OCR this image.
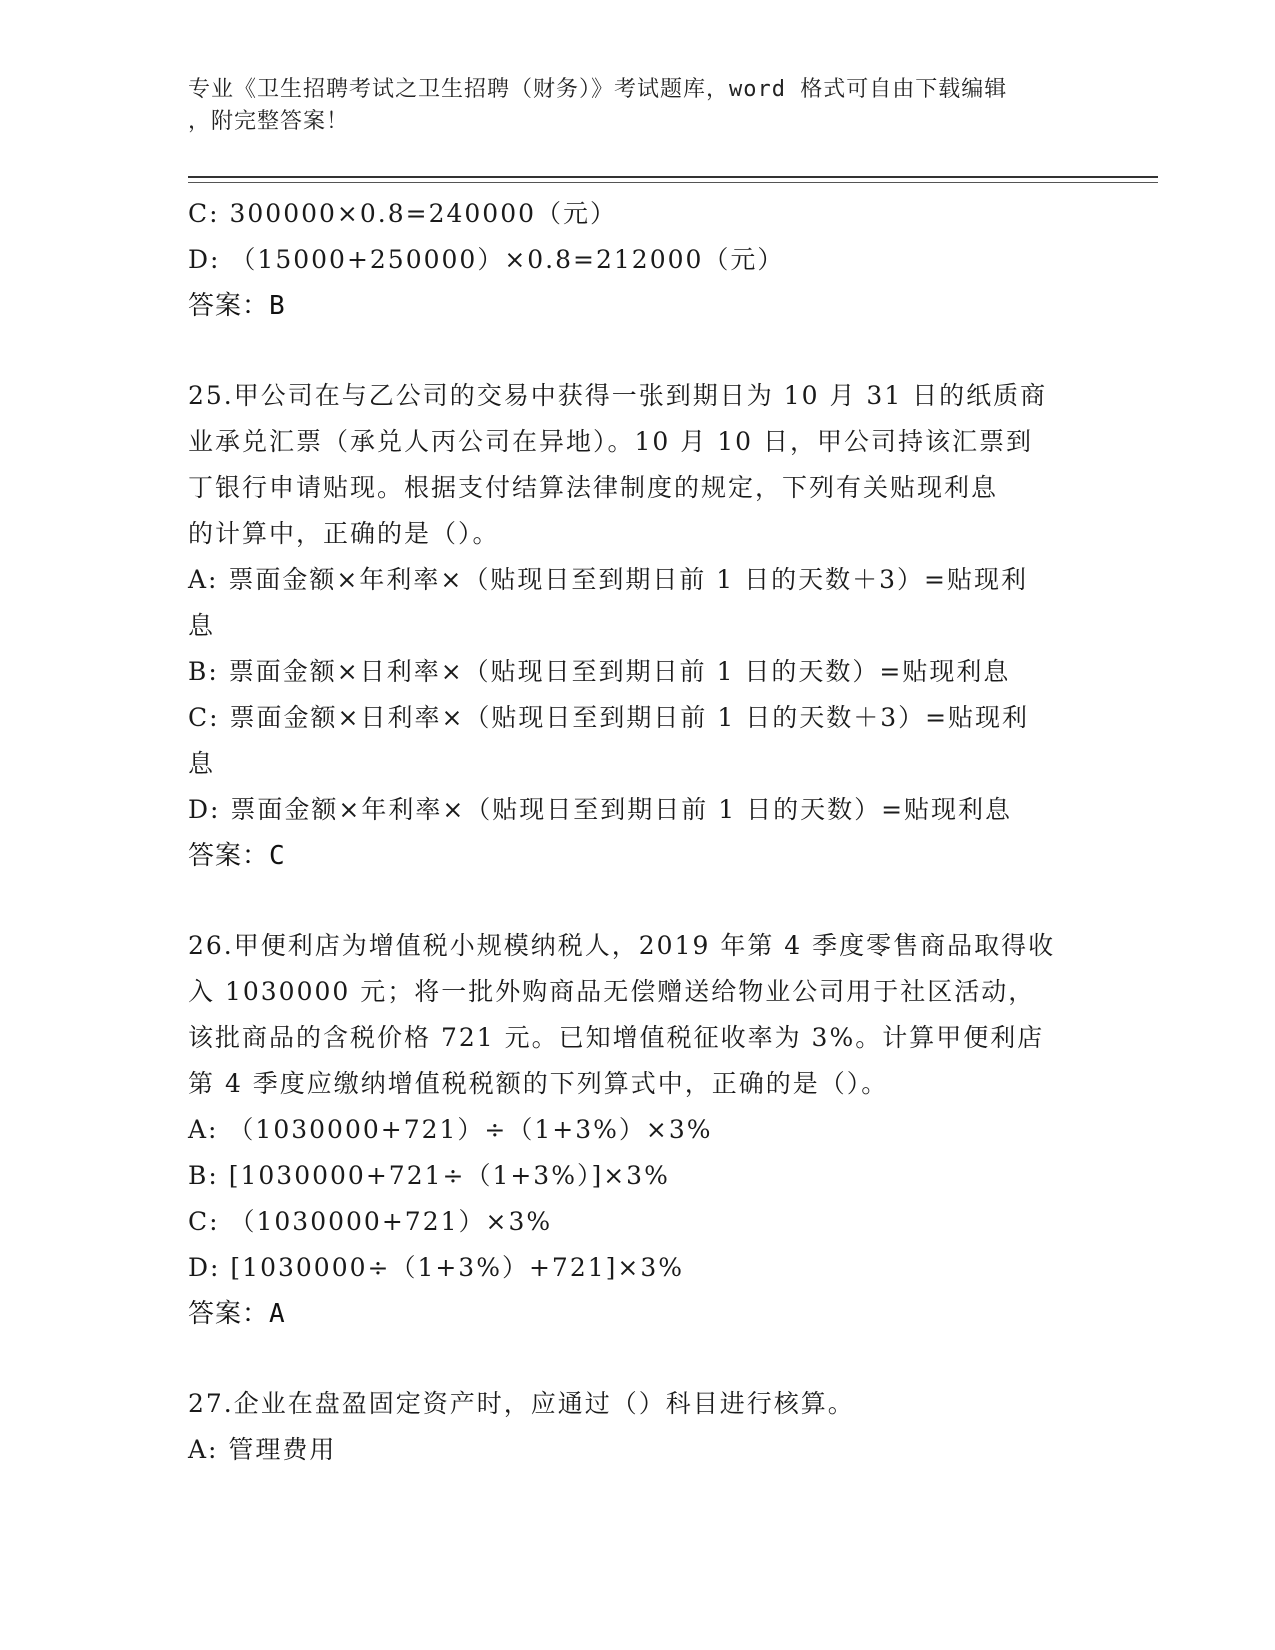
专业《卫生招聘考试之卫生招聘（财务）》考试题库，word 格式可自由下载编辑
，附完整答案！
C: 300000×0.8=240000（元）
D: （15000+250000）×0.8=212000（元）
答案：B
25.甲公司在与乙公司的交易中获得一张到期日为 10 月 31 日的纸质商
业承兑汇票（承兑人丙公司在异地）。10 月 10 日，甲公司持该汇票到
丁银行申请贴现。根据支付结算法律制度的规定，下列有关贴现利息
的计算中，正确的是（）。
A: 票面金额×年利率×（贴现日至到期日前 1 日的天数＋3）=贴现利
息
B: 票面金额×日利率×（贴现日至到期日前 1 日的天数）=贴现利息
C: 票面金额×日利率×（贴现日至到期日前 1 日的天数＋3）=贴现利
息
D: 票面金额×年利率×（贴现日至到期日前 1 日的天数）=贴现利息
答案：C
26.甲便利店为增值税小规模纳税人，2019 年第 4 季度零售商品取得收
入 1030000 元；将一批外购商品无偿赠送给物业公司用于社区活动，
该批商品的含税价格 721 元。已知增值税征收率为 3%。计算甲便利店
第 4 季度应缴纳增值税税额的下列算式中，正确的是（）。
A: （1030000+721）÷（1+3%）×3%
B: [1030000+721÷（1+3%）]×3%
C: （1030000+721）×3%
D: [1030000÷（1+3%）+721]×3%
答案：A
27.企业在盘盈固定资产时，应通过（）科目进行核算。
A: 管理费用
